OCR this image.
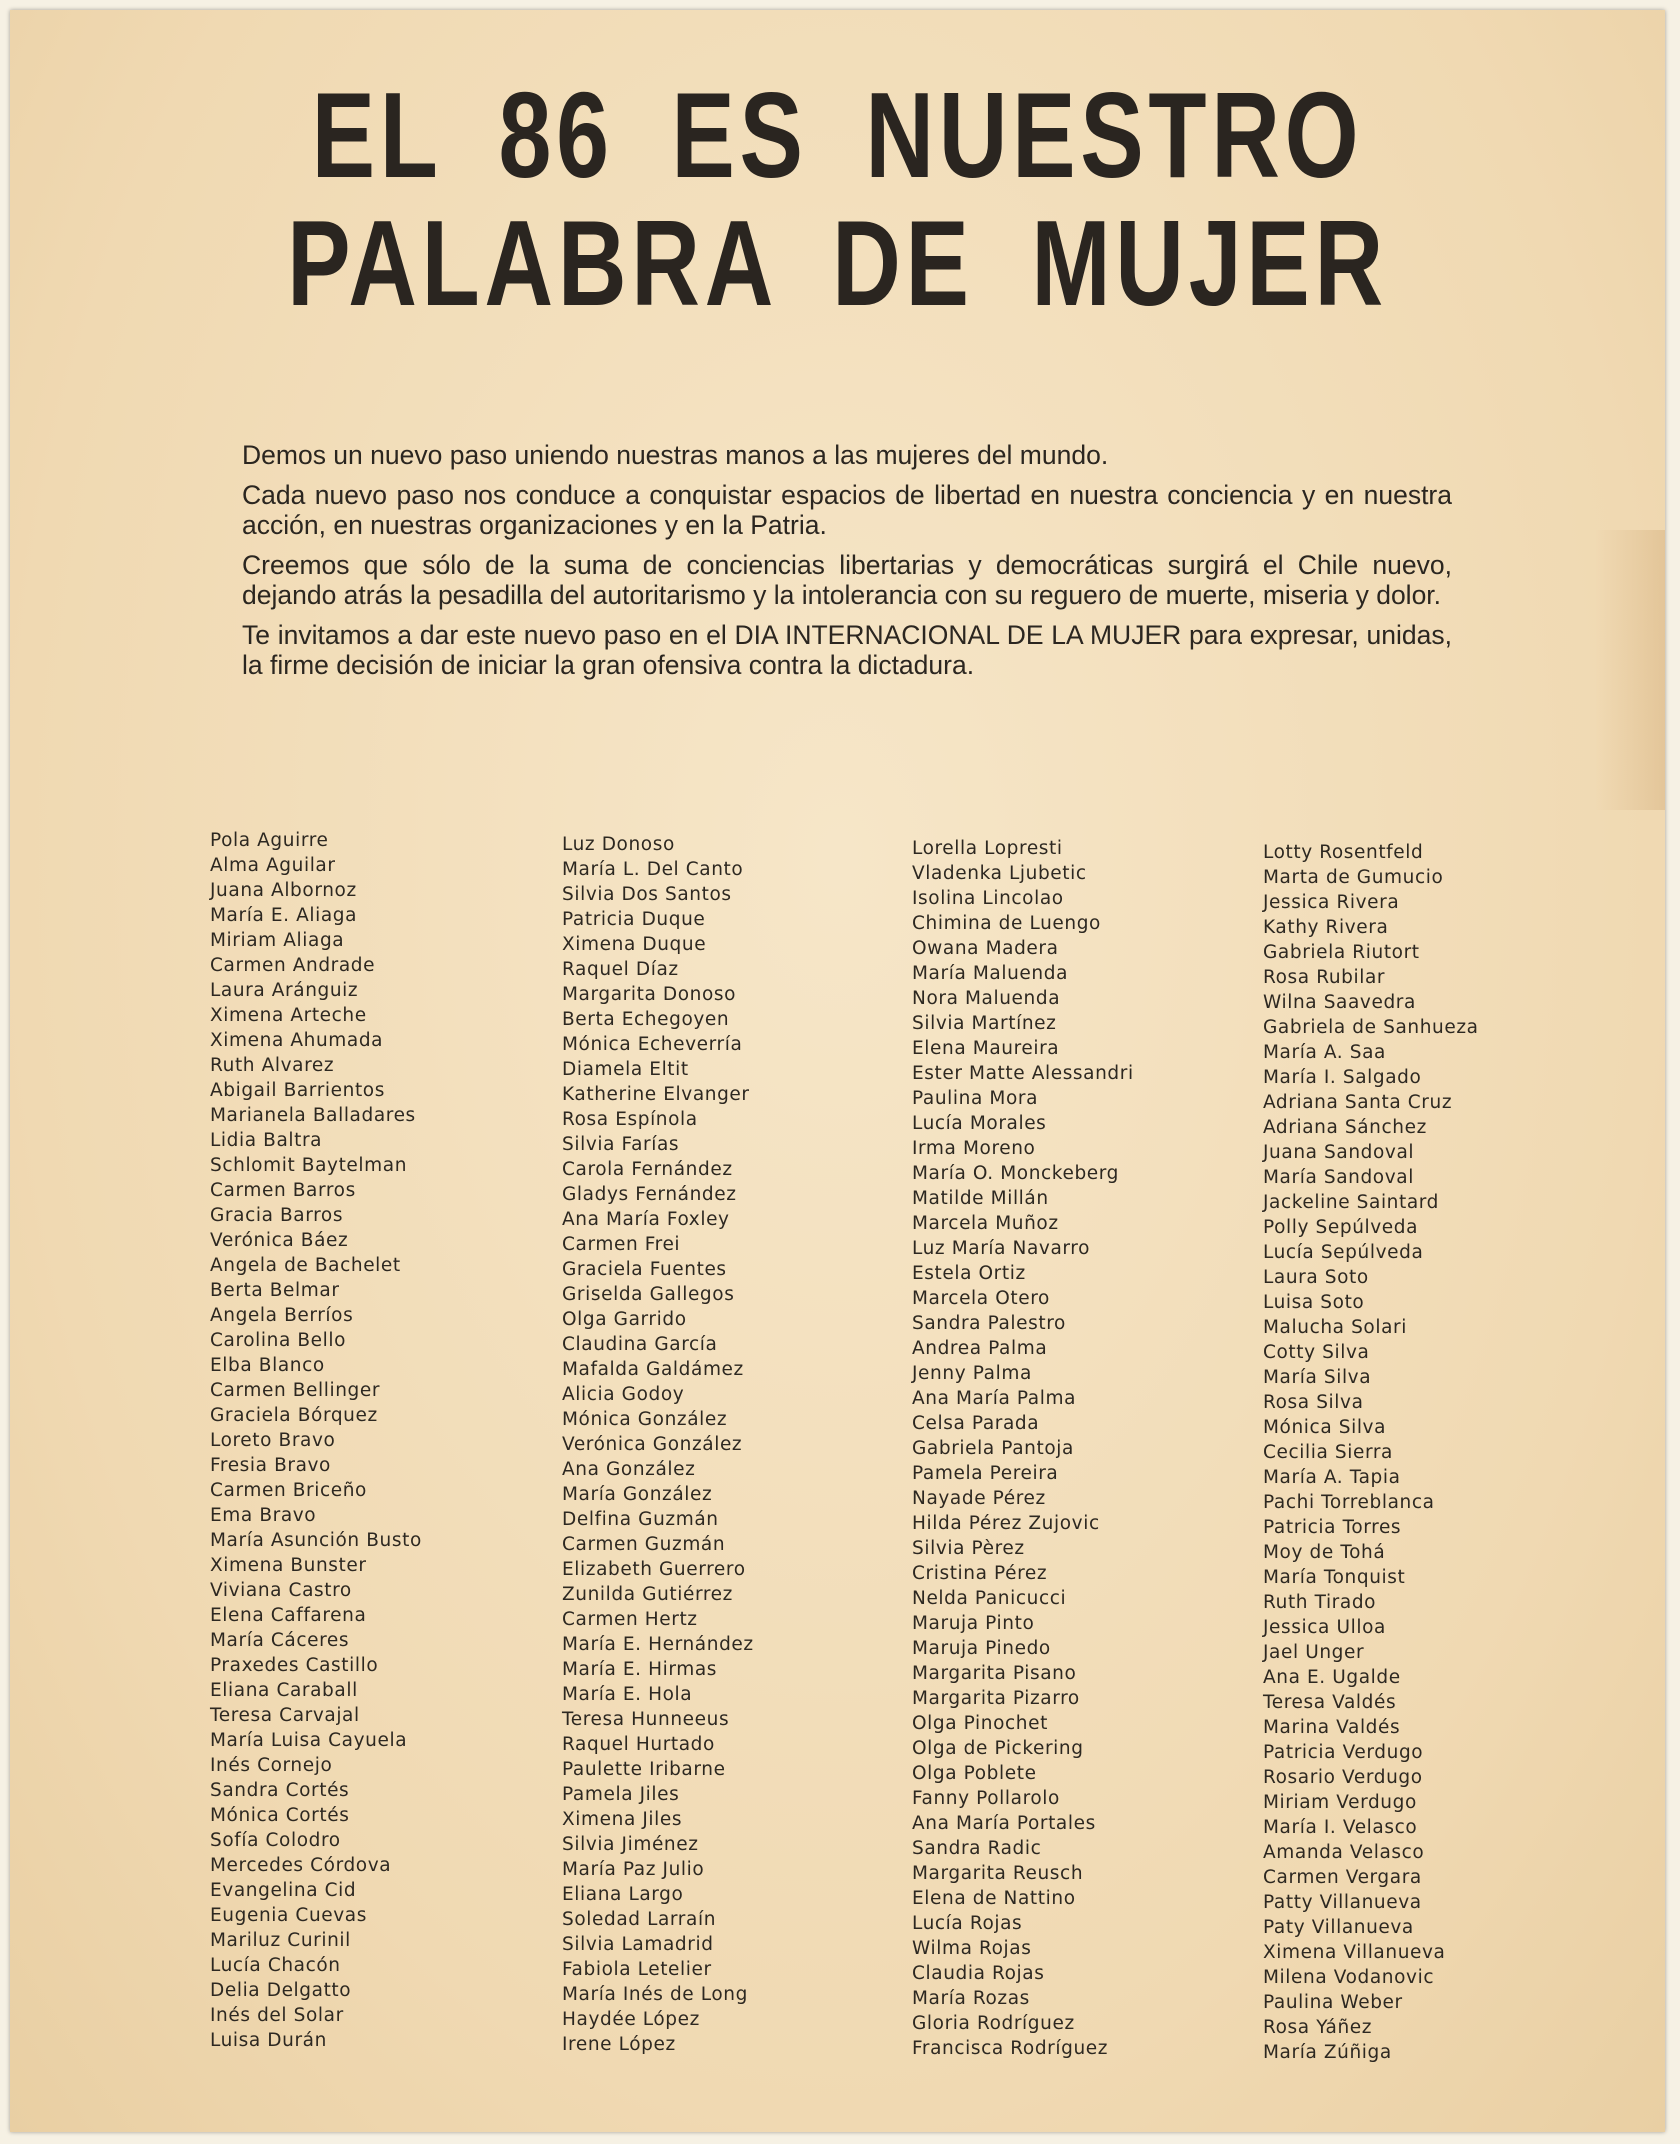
EL 86 ES NUESTRO
PALABRA DE MUJER

Demos un nuevo paso uniendo nuestras manos a las mujeres del mundo.

Cada nuevo paso nos conduce a conquistar espacios de libertad en nuestra conciencia y en nuestra acción, en nuestras organizaciones y en la Patria.

Creemos que sólo de la suma de conciencias libertarias y democráticas surgirá el Chile nuevo, dejando atrás la pesadilla del autoritarismo y la intolerancia con su reguero de muerte, miseria y dolor.

Te invitamos a dar este nuevo paso en el DIA INTERNACIONAL DE LA MUJER para expresar, unidas, la firme decisión de iniciar la gran ofensiva contra la dictadura.

Pola Aguirre
Alma Aguilar
Juana Albornoz
María E. Aliaga
Miriam Aliaga
Carmen Andrade
Laura Aránguiz
Ximena Arteche
Ximena Ahumada
Ruth Alvarez
Abigail Barrientos
Marianela Balladares
Lidia Baltra
Schlomit Baytelman
Carmen Barros
Gracia Barros
Verónica Báez
Angela de Bachelet
Berta Belmar
Angela Berríos
Carolina Bello
Elba Blanco
Carmen Bellinger
Graciela Bórquez
Loreto Bravo
Fresia Bravo
Carmen Briceño
Ema Bravo
María Asunción Busto
Ximena Bunster
Viviana Castro
Elena Caffarena
María Cáceres
Praxedes Castillo
Eliana Caraball
Teresa Carvajal
María Luisa Cayuela
Inés Cornejo
Sandra Cortés
Mónica Cortés
Sofía Colodro
Mercedes Córdova
Evangelina Cid
Eugenia Cuevas
Mariluz Curinil
Lucía Chacón
Delia Delgatto
Inés del Solar
Luisa Durán
Luz Donoso
María L. Del Canto
Silvia Dos Santos
Patricia Duque
Ximena Duque
Raquel Díaz
Margarita Donoso
Berta Echegoyen
Mónica Echeverría
Diamela Eltit
Katherine Elvanger
Rosa Espínola
Silvia Farías
Carola Fernández
Gladys Fernández
Ana María Foxley
Carmen Frei
Graciela Fuentes
Griselda Gallegos
Olga Garrido
Claudina García
Mafalda Galdámez
Alicia Godoy
Mónica González
Verónica González
Ana González
María González
Delfina Guzmán
Carmen Guzmán
Elizabeth Guerrero
Zunilda Gutiérrez
Carmen Hertz
María E. Hernández
María E. Hirmas
María E. Hola
Teresa Hunneeus
Raquel Hurtado
Paulette Iribarne
Pamela Jiles
Ximena Jiles
Silvia Jiménez
María Paz Julio
Eliana Largo
Soledad Larraín
Silvia Lamadrid
Fabiola Letelier
María Inés de Long
Haydée López
Irene López
Lorella Lopresti
Vladenka Ljubetic
Isolina Lincolao
Chimina de Luengo
Owana Madera
María Maluenda
Nora Maluenda
Silvia Martínez
Elena Maureira
Ester Matte Alessandri
Paulina Mora
Lucía Morales
Irma Moreno
María O. Monckeberg
Matilde Millán
Marcela Muñoz
Luz María Navarro
Estela Ortiz
Marcela Otero
Sandra Palestro
Andrea Palma
Jenny Palma
Ana María Palma
Celsa Parada
Gabriela Pantoja
Pamela Pereira
Nayade Pérez
Hilda Pérez Zujovic
Silvia Pèrez
Cristina Pérez
Nelda Panicucci
Maruja Pinto
Maruja Pinedo
Margarita Pisano
Margarita Pizarro
Olga Pinochet
Olga de Pickering
Olga Poblete
Fanny Pollarolo
Ana María Portales
Sandra Radic
Margarita Reusch
Elena de Nattino
Lucía Rojas
Wilma Rojas
Claudia Rojas
María Rozas
Gloria Rodríguez
Francisca Rodríguez
Lotty Rosentfeld
Marta de Gumucio
Jessica Rivera
Kathy Rivera
Gabriela Riutort
Rosa Rubilar
Wilna Saavedra
Gabriela de Sanhueza
María A. Saa
María I. Salgado
Adriana Santa Cruz
Adriana Sánchez
Juana Sandoval
María Sandoval
Jackeline Saintard
Polly Sepúlveda
Lucía Sepúlveda
Laura Soto
Luisa Soto
Malucha Solari
Cotty Silva
María Silva
Rosa Silva
Mónica Silva
Cecilia Sierra
María A. Tapia
Pachi Torreblanca
Patricia Torres
Moy de Tohá
María Tonquist
Ruth Tirado
Jessica Ulloa
Jael Unger
Ana E. Ugalde
Teresa Valdés
Marina Valdés
Patricia Verdugo
Rosario Verdugo
Miriam Verdugo
María I. Velasco
Amanda Velasco
Carmen Vergara
Patty Villanueva
Paty Villanueva
Ximena Villanueva
Milena Vodanovic
Paulina Weber
Rosa Yáñez
María Zúñiga
